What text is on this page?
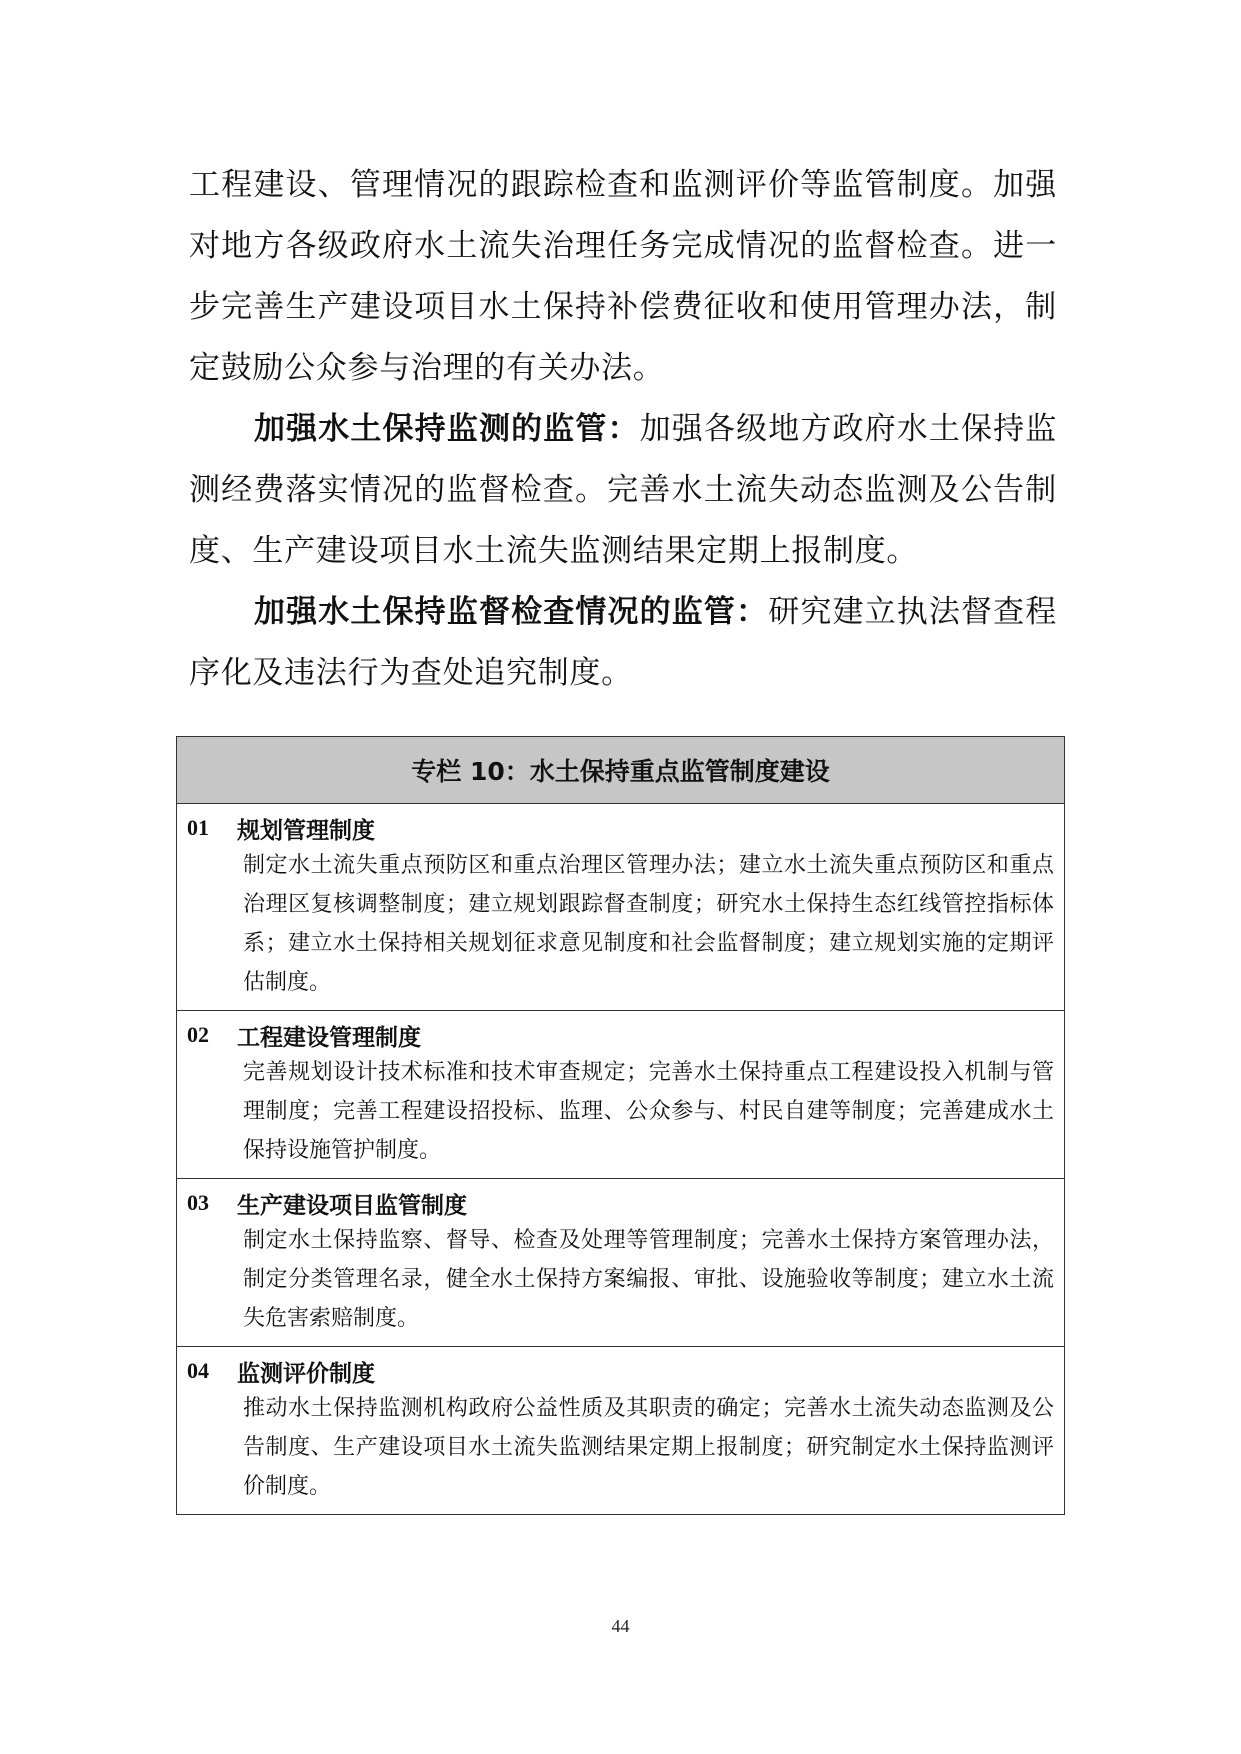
工程建设、管理情况的跟踪检查和监测评价等监管制度。加强对地方各级政府水土流失治理任务完成情况的监督检查。进一步完善生产建设项目水土保持补偿费征收和使用管理办法，制定鼓励公众参与治理的有关办法。

加强水土保持监测的监管：加强各级地方政府水土保持监测经费落实情况的监督检查。完善水土流失动态监测及公告制度、生产建设项目水土流失监测结果定期上报制度。

加强水土保持监督检查情况的监管：研究建立执法督查程序化及违法行为查处追究制度。

专栏 10：水土保持重点监管制度建设
01	规划管理制度
制定水土流失重点预防区和重点治理区管理办法；建立水土流失重点预防区和重点治理区复核调整制度；建立规划跟踪督查制度；研究水土保持生态红线管控指标体系；建立水土保持相关规划征求意见制度和社会监督制度；建立规划实施的定期评估制度。
02	工程建设管理制度
完善规划设计技术标准和技术审查规定；完善水土保持重点工程建设投入机制与管理制度；完善工程建设招投标、监理、公众参与、村民自建等制度；完善建成水土保持设施管护制度。
03	生产建设项目监管制度
制定水土保持监察、督导、检查及处理等管理制度；完善水土保持方案管理办法，制定分类管理名录，健全水土保持方案编报、审批、设施验收等制度；建立水土流失危害索赔制度。
04	监测评价制度
推动水土保持监测机构政府公益性质及其职责的确定；完善水土流失动态监测及公告制度、生产建设项目水土流失监测结果定期上报制度；研究制定水土保持监测评价制度。
44
